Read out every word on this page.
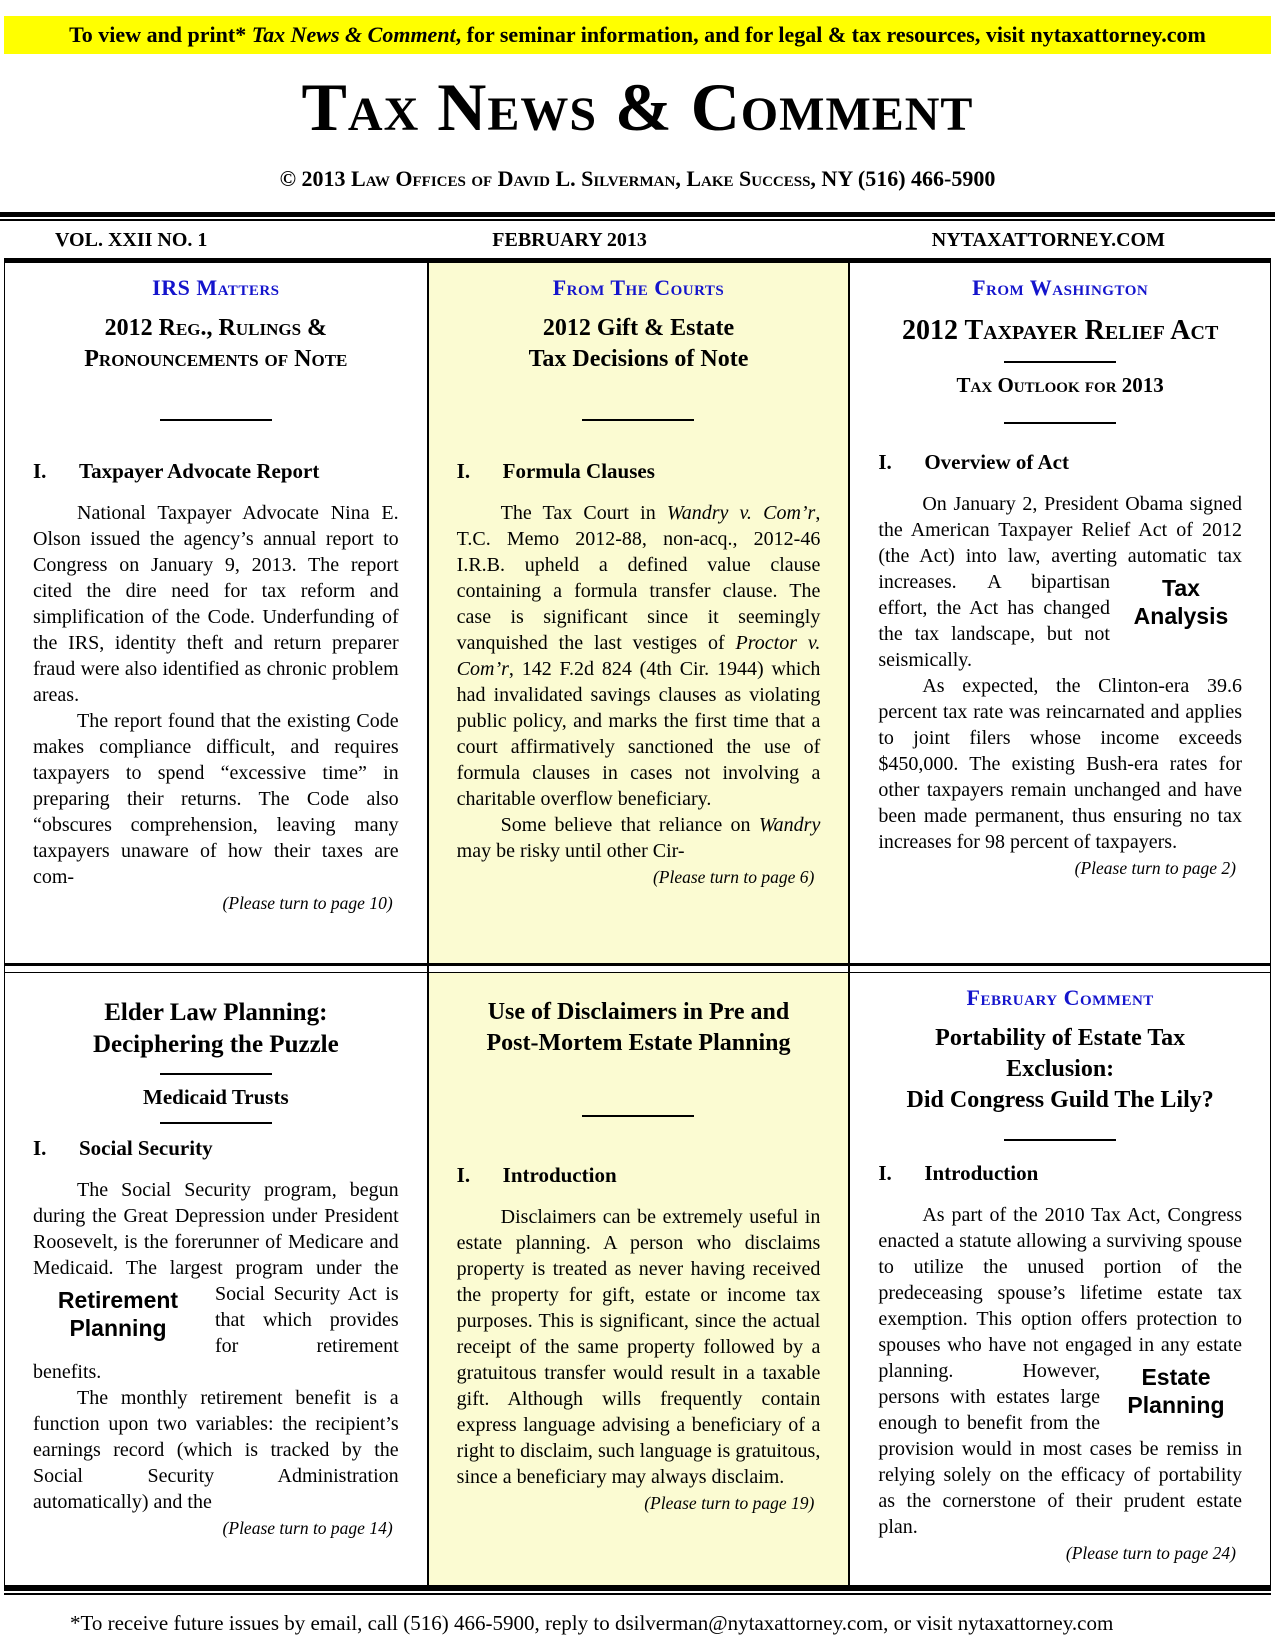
To view and print* Tax News & Comment, for seminar information, and for legal & tax resources, visit nytaxattorney.com
Tax News & Comment
© 2013 Law Offices of David L. Silverman, Lake Success, NY (516) 466-5900
VOL. XXII NO. 1	FEBRUARY 2013	NYTAXATTORNEY.COM
IRS Matters
2012 Reg., Rulings &
Pronouncements of Note
I. Taxpayer Advocate Report

National Taxpayer Advocate Nina E. Olson issued the agency’s annual report to Congress on January 9, 2013. The report cited the dire need for tax reform and simplification of the Code. Underfunding of the IRS, identity theft and return preparer fraud were also identified as chronic problem areas.

The report found that the existing Code makes compliance difficult, and requires taxpayers to spend “excessive time” in preparing their returns. The Code also “obscures comprehension, leaving many taxpayers unaware of how their taxes are com-

(Please turn to page 10)
From The Courts
2012 Gift & Estate
Tax Decisions of Note
I. Formula Clauses

The Tax Court in Wandry v. Com’r, T.C. Memo 2012-88, non-acq., 2012-46 I.R.B. upheld a defined value clause containing a formula transfer clause. The case is significant since it seemingly vanquished the last vestiges of Proctor v. Com’r, 142 F.2d 824 (4th Cir. 1944) which had invalidated savings clauses as violating public policy, and marks the first time that a court affirmatively sanctioned the use of formula clauses in cases not involving a charitable overflow beneficiary.

Some believe that reliance on Wandry may be risky until other Cir-

(Please turn to page 6)
From Washington
2012 Taxpayer Relief Act
Tax Outlook for 2013
I. Overview of Act

On January 2, President Obama signed the American Taxpayer Relief Act of 2012 (the Act) into law, averting automatic tax increases.	Tax Analysis
A bipartisan effort, the Act has changed the tax landscape, but not seismically.

As expected, the Clinton-era 39.6 percent tax rate was reincarnated and applies to joint filers whose income exceeds $450,000. The existing Bush-era rates for other taxpayers remain unchanged and have been made permanent, thus ensuring no tax increases for 98 percent of taxpayers.

(Please turn to page 2)
Elder Law Planning:
Deciphering the Puzzle
Medicaid Trusts
I. Social Security

The Social Security program, begun during the Great Depression under President Roosevelt, is the forerunner of Medicare and Medicaid. The largest program under the
Retirement Planning
Social Security Act is that which provides for retirement benefits.

The monthly retirement benefit is a function upon two variables: the recipient’s earnings record (which is tracked by the Social Security Administration automatically) and the

(Please turn to page 14)
Use of Disclaimers in Pre and
Post-Mortem Estate Planning
I. Introduction

Disclaimers can be extremely useful in estate planning. A person who disclaims property is treated as never having received the property for gift, estate or income tax purposes. This is significant, since the actual receipt of the same property followed by a gratuitous transfer would result in a taxable gift. Although wills frequently contain express language advising a beneficiary of a right to disclaim, such language is gratuitous, since a beneficiary may always disclaim.

(Please turn to page 19)
February Comment
Portability of Estate Tax Exclusion:
Did Congress Guild The Lily?
I. Introduction

As part of the 2010 Tax Act, Congress enacted a statute allowing a surviving spouse to utilize the unused portion of the predeceasing spouse’s lifetime estate tax exemption. This option offers protection to spouses who have not engaged in any estate planning. However,	Estate Planning
persons with estates large enough to benefit from the provision would in most cases be remiss in relying solely on the efficacy of portability as the cornerstone of their prudent estate plan.

(Please turn to page 24)
*To receive future issues by email, call (516) 466-5900, reply to dsilverman@nytaxattorney.com, or visit nytaxattorney.com
